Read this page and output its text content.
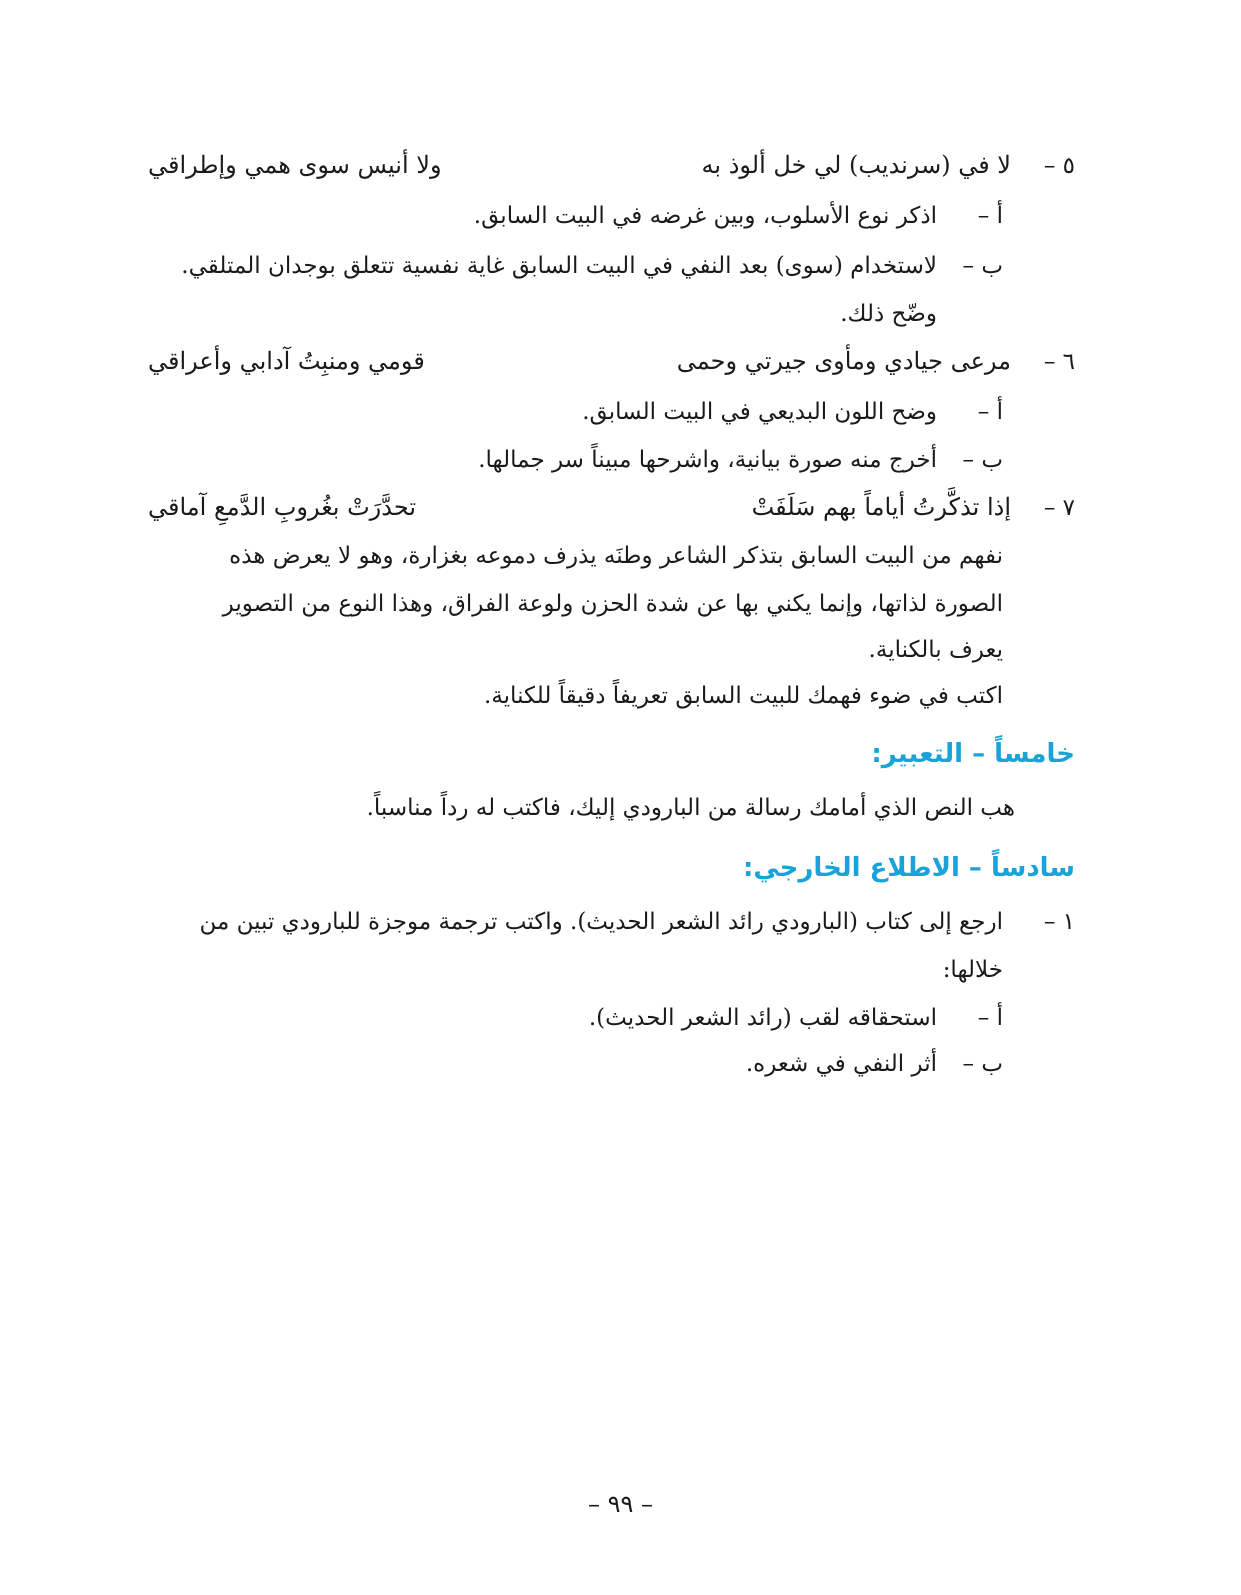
٥ –
لا في (سرنديب) لي خل ألوذ به
ولا أنيس سوى همي وإطراقي
أ –
اذكر نوع الأسلوب، وبين غرضه في البيت السابق.
ب –
لاستخدام (سوى) بعد النفي في البيت السابق غاية نفسية تتعلق بوجدان المتلقي.
وضّح ذلك.
٦ –
مرعى جيادي ومأوى جيرتي وحمى
قومي ومنبِتُ آدابي وأعراقي
أ –
وضح اللون البديعي في البيت السابق.
ب –
أخرج منه صورة بيانية، واشرحها مبيناً سر جمالها.
٧ –
إذا تذكَّرتُ أياماً بهم سَلَفَتْ
تحدَّرَتْ بغُروبِ الدَّمعِ آماقي
نفهم من البيت السابق بتذكر الشاعر وطنَه يذرف دموعه بغزارة، وهو لا يعرض هذه
الصورة لذاتها، وإنما يكني بها عن شدة الحزن ولوعة الفراق، وهذا النوع من التصوير
يعرف بالكناية.
اكتب في ضوء فهمك للبيت السابق تعريفاً دقيقاً للكناية.
خامساً – التعبير:
هب النص الذي أمامك رسالة من البارودي إليك، فاكتب له رداً مناسباً.
سادساً – الاطلاع الخارجي:
١ –
ارجع إلى كتاب (البارودي رائد الشعر الحديث). واكتب ترجمة موجزة للبارودي تبين من
خلالها:
أ –
استحقاقه لقب (رائد الشعر الحديث).
ب –
أثر النفي في شعره.
– ٩٩ –
